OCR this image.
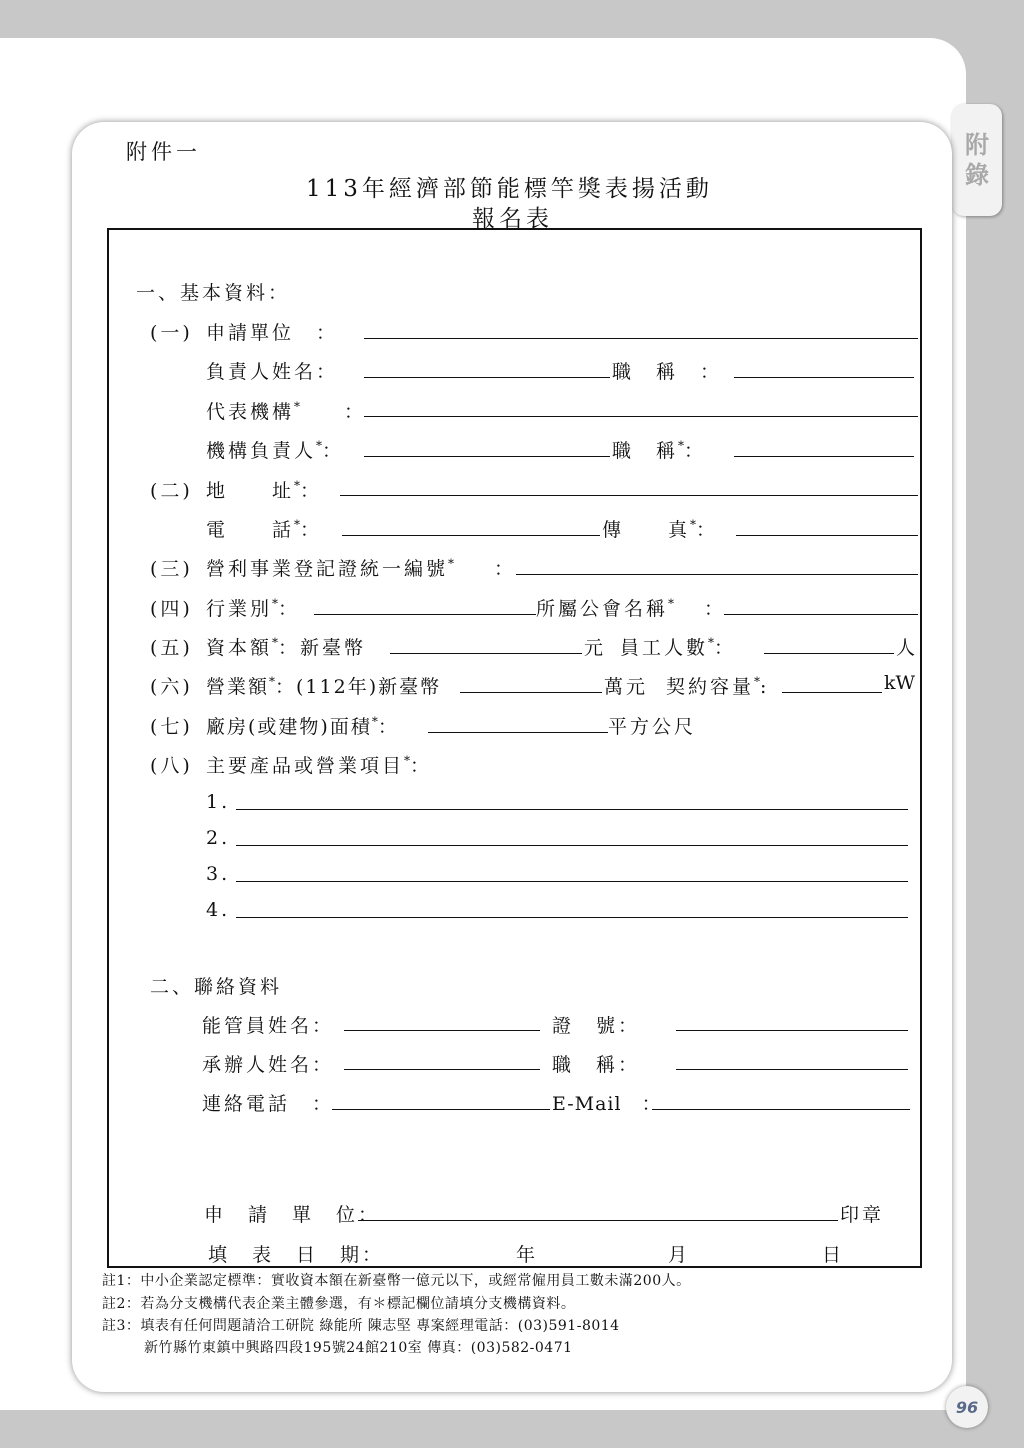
附
錄
96
附件一
113年經濟部節能標竿獎表揚活動
報名表
一、基本資料：
(一) 申請單位　：
負責人姓名：	職　稱　：
代表機構* ：
機構負責人*：	職　稱*：
(二) 地　　址*：
電　　話*：	傳　　真*：
(三) 營利事業登記證統一編號* ：
(四) 行業別*：	所屬公會名稱* ：
(五) 資本額*：新臺幣	元 員工人數*：	人
(六) 營業額*：(112年)新臺幣	萬元 契約容量*:	kW
(七) 廠房(或建物)面積*：	平方公尺
(八) 主要產品或營業項目*：
1.
2.
3.
4.
二、聯絡資料
能管員姓名：	證　號：
承辦人姓名：	職　稱：
連絡電話　：	E-Mail　：
申　請　單　位：	印章
填　表　日　期：	年	月	日
註1：中小企業認定標準：實收資本額在新臺幣一億元以下，或經常僱用員工數未滿200人。
註2：若為分支機構代表企業主體參選，有＊標記欄位請填分支機構資料。
註3：填表有任何問題請洽工研院 綠能所 陳志堅 專案經理電話：(03)591-8014
新竹縣竹東鎮中興路四段195號24館210室 傳真：(03)582-0471
